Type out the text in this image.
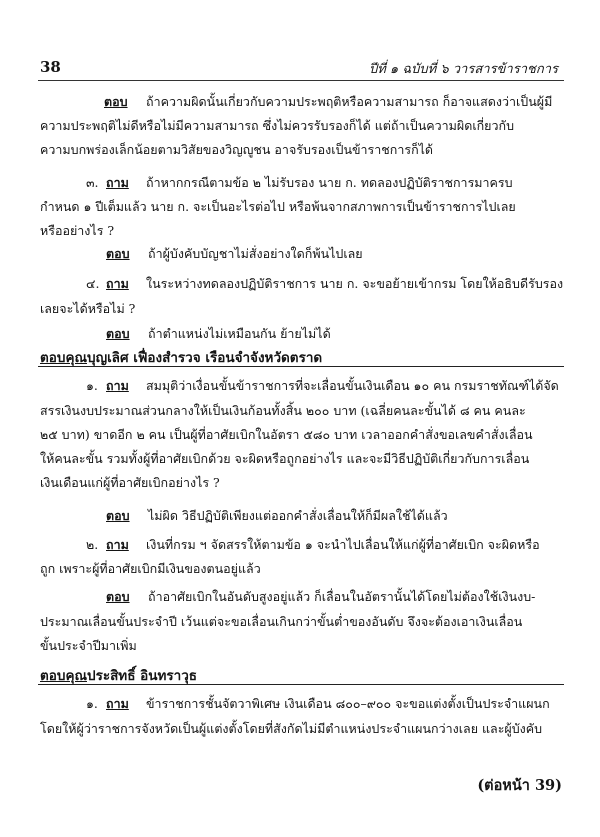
38	ปีที่ ๑ ฉบับที่ ๖ วารสารข้าราชการ
ตอบ ถ้าความผิดนั้นเกี่ยวกับความประพฤติหรือความสามารถ ก็อาจแสดงว่าเป็นผู้มี
ความประพฤติไม่ดีหรือไม่มีความสามารถ ซึ่งไม่ควรรับรองก็ได้ แต่ถ้าเป็นความผิดเกี่ยวกับ
ความบกพร่องเล็กน้อยตามวิสัยของวิญญูชน อาจรับรองเป็นข้าราชการก็ได้
๓. ถาม ถ้าหากกรณีตามข้อ ๒ ไม่รับรอง นาย ก. ทดลองปฏิบัติราชการมาครบ
กำหนด ๑ ปีเต็มแล้ว นาย ก. จะเป็นอะไรต่อไป หรือพ้นจากสภาพการเป็นข้าราชการไปเลย
หรืออย่างไร ?
ตอบ ถ้าผู้บังคับบัญชาไม่สั่งอย่างใดก็พ้นไปเลย
๔. ถาม ในระหว่างทดลองปฏิบัติราชการ นาย ก. จะขอย้ายเข้ากรม โดยให้อธิบดีรับรอง
เลยจะได้หรือไม่ ?
ตอบ ถ้าตำแหน่งไม่เหมือนกัน ย้ายไม่ได้
ตอบคุณบุญเลิศ เฟื่องสำรวจ เรือนจำจังหวัดตราด
๑. ถาม สมมุติว่าเงื่อนขั้นข้าราชการที่จะเลื่อนขั้นเงินเดือน ๑๐ คน กรมราชทัณฑ์ได้จัด
สรรเงินงบประมาณส่วนกลางให้เป็นเงินก้อนทั้งสิ้น ๒๐๐ บาท (เฉลี่ยคนละขั้นได้ ๘ คน คนละ
๒๕ บาท) ขาดอีก ๒ คน เป็นผู้ที่อาศัยเบิกในอัตรา ๕๘๐ บาท เวลาออกคำสั่งขอเลขคำสั่งเลื่อน
ให้คนละขั้น รวมทั้งผู้ที่อาศัยเบิกด้วย จะผิดหรือถูกอย่างไร และจะมีวิธีปฏิบัติเกี่ยวกับการเลื่อน
เงินเดือนแก่ผู้ที่อาศัยเบิกอย่างไร ?
ตอบ ไม่ผิด วิธีปฏิบัติเพียงแต่ออกคำสั่งเลื่อนให้ก็มีผลใช้ได้แล้ว
๒. ถาม เงินที่กรม ฯ จัดสรรให้ตามข้อ ๑ จะนำไปเลื่อนให้แก่ผู้ที่อาศัยเบิก จะผิดหรือ
ถูก เพราะผู้ที่อาศัยเบิกมีเงินของตนอยู่แล้ว
ตอบ ถ้าอาศัยเบิกในอันดับสูงอยู่แล้ว ก็เลื่อนในอัตรานั้นได้โดยไม่ต้องใช้เงินงบ-
ประมาณเลื่อนขั้นประจำปี เว้นแต่จะขอเลื่อนเกินกว่าขั้นต่ำของอันดับ จึงจะต้องเอาเงินเลื่อน
ขั้นประจำปีมาเพิ่ม
ตอบคุณประสิทธิ์ อินทราวุธ
๑. ถาม ข้าราชการชั้นจัตวาพิเศษ เงินเดือน ๘๐๐–๙๐๐ จะขอแต่งตั้งเป็นประจำแผนก
โดยให้ผู้ว่าราชการจังหวัดเป็นผู้แต่งตั้งโดยที่สังกัดไม่มีตำแหน่งประจำแผนกว่างเลย และผู้บังคับ
(ต่อหน้า 39)
